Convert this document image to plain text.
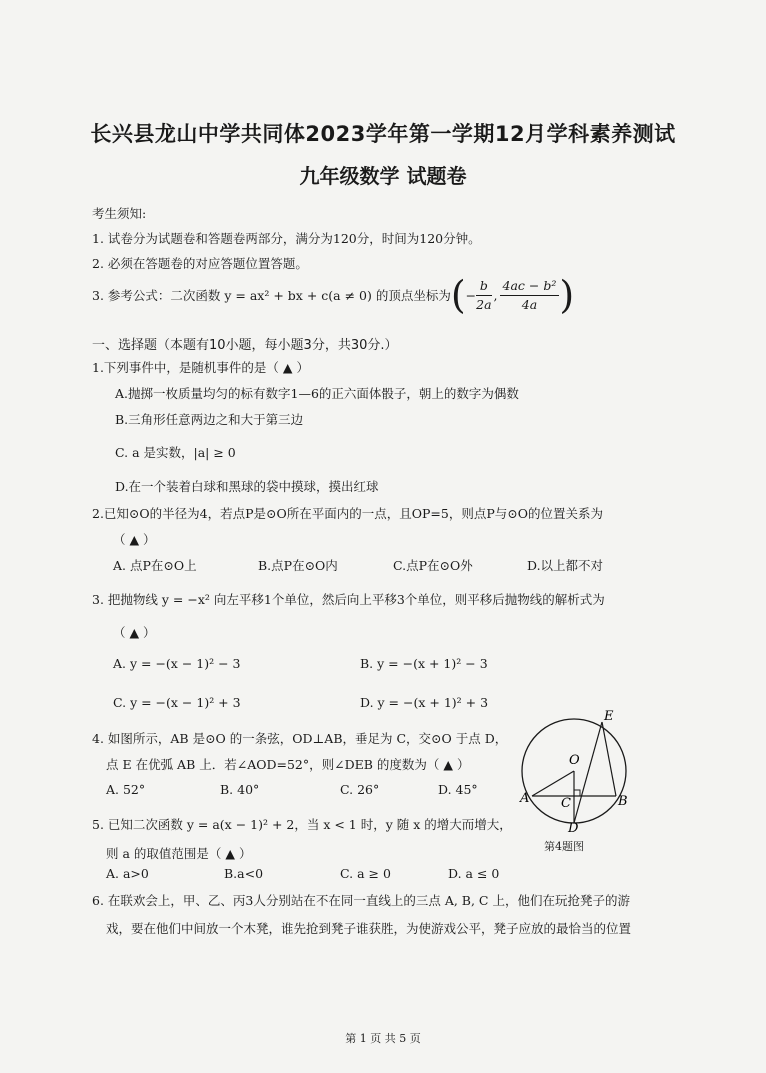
长兴县龙山中学共同体2023学年第一学期12月学科素养测试
九年级数学 试题卷
考生须知:
1. 试卷分为试题卷和答题卷两部分，满分为120分，时间为120分钟。
2. 必须在答题卷的对应答题位置答题。
3. 参考公式：二次函数 y = ax² + bx + c(a ≠ 0) 的顶点坐标为 ( − $\frac{b}{2a}$ , $\frac{\text{4ac − b²}}{4a}$ )
一、选择题（本题有10小题，每小题3分，共30分.）
1.下列事件中，是随机事件的是（ ▲ ）
A.抛掷一枚质量均匀的标有数字1—6的正六面体骰子，朝上的数字为偶数
B.三角形任意两边之和大于第三边
C. a 是实数，|a| ≥ 0
D.在一个装着白球和黑球的袋中摸球，摸出红球
2.已知⊙O的半径为4，若点P是⊙O所在平面内的一点，且OP=5，则点P与⊙O的位置关系为
（ ▲ ）
A. 点P在⊙O上	B.点P在⊙O内	C.点P在⊙O外	D.以上都不对
3. 把抛物线 y = −x² 向左平移1个单位，然后向上平移3个单位，则平移后抛物线的解析式为
（ ▲ ）
A. y = −(x − 1)² − 3	B. y = −(x + 1)² − 3
C. y = −(x − 1)² + 3	D. y = −(x + 1)² + 3
4. 如图所示，AB 是⊙O 的一条弦，OD⊥AB，垂足为 C，交⊙O 于点 D，
点 E 在优弧 AB 上．若∠AOD=52°，则∠DEB 的度数为（ ▲ ）
A. 52°	B. 40°	C. 26°	D. 45°
E
O
A C	B
D
第4题图
5. 已知二次函数 y = a(x − 1)² + 2，当 x < 1 时，y 随 x 的增大而增大，
则 a 的取值范围是（ ▲ ）
A. a>0	B.a<0	C. a ≥ 0	D. a ≤ 0
6. 在联欢会上，甲、乙、丙3人分别站在不在同一直线上的三点 A, B, C 上，他们在玩抢凳子的游
戏，要在他们中间放一个木凳，谁先抢到凳子谁获胜，为使游戏公平，凳子应放的最恰当的位置
第 1 页 共 5 页
